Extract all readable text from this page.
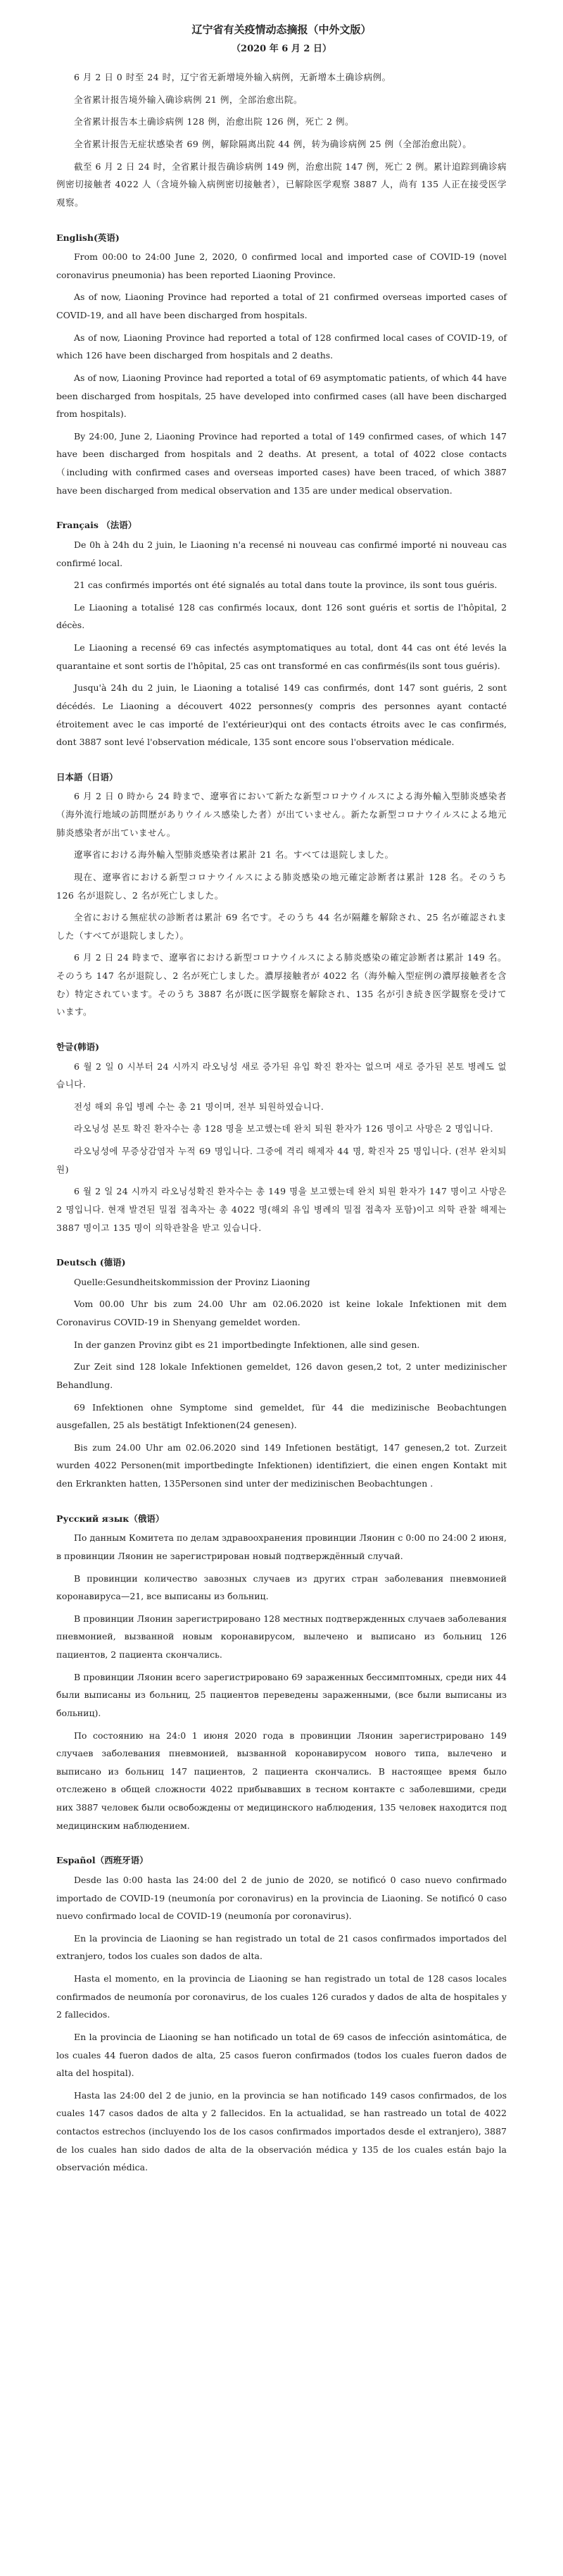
辽宁省有关疫情动态摘报（中外文版）
（2020 年 6 月 2 日）

6 月 2 日 0 时至 24 时，辽宁省无新增境外输入病例，无新增本土确诊病例。

全省累计报告境外输入确诊病例 21 例，全部治愈出院。

全省累计报告本土确诊病例 128 例，治愈出院 126 例，死亡 2 例。

全省累计报告无症状感染者 69 例，解除隔离出院 44 例，转为确诊病例 25 例（全部治愈出院）。

截至 6 月 2 日 24 时，全省累计报告确诊病例 149 例，治愈出院 147 例，死亡 2 例。累计追踪到确诊病例密切接触者 4022 人（含境外输入病例密切接触者），已解除医学观察 3887 人，尚有 135 人正在接受医学观察。

English(英语)

From 00:00 to 24:00 June 2, 2020, 0 confirmed local and imported case of COVID-19 (novel coronavirus pneumonia) has been reported Liaoning Province.

As of now, Liaoning Province had reported a total of 21 confirmed overseas imported cases of COVID-19, and all have been discharged from hospitals.

As of now, Liaoning Province had reported a total of 128 confirmed local cases of COVID-19, of which 126 have been discharged from hospitals and 2 deaths.

As of now, Liaoning Province had reported a total of 69 asymptomatic patients, of which 44 have been discharged from hospitals, 25 have developed into confirmed cases (all have been discharged from hospitals).

By 24:00, June 2, Liaoning Province had reported a total of 149 confirmed cases, of which 147 have been discharged from hospitals and 2 deaths. At present, a total of 4022 close contacts（including with confirmed cases and overseas imported cases) have been traced, of which 3887 have been discharged from medical observation and 135 are under medical observation.

Français （法语）

De 0h à 24h du 2 juin, le Liaoning n'a recensé ni nouveau cas confirmé importé ni nouveau cas confirmé local.

21 cas confirmés importés ont été signalés au total dans toute la province, ils sont tous guéris.

Le Liaoning a totalisé 128 cas confirmés locaux, dont 126 sont guéris et sortis de l'hôpital, 2 décès.

Le Liaoning a recensé 69 cas infectés asymptomatiques au total, dont 44 cas ont été levés la quarantaine et sont sortis de l'hôpital, 25 cas ont transformé en cas confirmés(ils sont tous guéris).

Jusqu'à 24h du 2 juin, le Liaoning a totalisé 149 cas confirmés, dont 147 sont guéris, 2 sont décédés. Le Liaoning a découvert 4022 personnes(y compris des personnes ayant contacté étroitement avec le cas importé de l'extérieur)qui ont des contacts étroits avec le cas confirmés, dont 3887 sont levé l'observation médicale, 135 sont encore sous l'observation médicale.

日本語（日语）

6 月 2 日 0 時から 24 時まで、遼寧省において新たな新型コロナウイルスによる海外輸入型肺炎感染者（海外流行地域の訪問歴がありウイルス感染した者）が出ていません。新たな新型コロナウイルスによる地元肺炎感染者が出ていません。

遼寧省における海外輸入型肺炎感染者は累計 21 名。すべては退院しました。

現在、遼寧省における新型コロナウイルスによる肺炎感染の地元確定診断者は累計 128 名。そのうち 126 名が退院し、2 名が死亡しました。

全省における無症状の診断者は累計 69 名です。そのうち 44 名が隔離を解除され、25 名が確認されました（すべてが退院しました）。

6 月 2 日 24 時まで、遼寧省における新型コロナウイルスによる肺炎感染の確定診断者は累計 149 名。そのうち 147 名が退院し、2 名が死亡しました。濃厚接触者が 4022 名（海外輸入型症例の濃厚接触者を含む）特定されています。そのうち 3887 名が既に医学観察を解除され、135 名が引き続き医学観察を受けています。

한글(韩语)

6 월 2 일 0 시부터 24 시까지 라오닝성 새로 증가된 유입 확진 환자는 없으며 새로 증가된 본토 병례도 없습니다.

전성 해외 유입 병례 수는 총 21 명이며, 전부 퇴원하였습니다.

라오닝성 본토 확진 환자수는 총 128 명을 보고했는데 완치 퇴원 환자가 126 명이고 사망은 2 명입니다.

라오닝성에 무증상감염자 누적 69 명입니다. 그중에 격리 해제자 44 명, 확진자 25 명입니다. (전부 완치퇴원)

6 월 2 일 24 시까지 라오닝성확진 환자수는 총 149 명을 보고했는데 완치 퇴원 환자가 147 명이고 사망은 2 명입니다. 현재 발견된 밀접 접촉자는 총 4022 명(해외 유입 병례의 밀접 접촉자 포함)이고 의학 관찰 해제는 3887 명이고 135 명이 의학관찰을 받고 있습니다.

Deutsch (德语)

Quelle:Gesundheitskommission der Provinz Liaoning

Vom 00.00 Uhr bis zum 24.00 Uhr am 02.06.2020 ist keine lokale Infektionen mit dem Coronavirus COVID-19 in Shenyang gemeldet worden.

In der ganzen Provinz gibt es 21 importbedingte Infektionen, alle sind gesen.

Zur Zeit sind 128 lokale Infektionen gemeldet, 126 davon gesen,2 tot, 2 unter medizinischer Behandlung.

69 Infektionen ohne Symptome sind gemeldet, für 44 die medizinische Beobachtungen ausgefallen, 25 als bestätigt Infektionen(24 genesen).

Bis zum 24.00 Uhr am 02.06.2020 sind 149 Infetionen bestätigt, 147 genesen,2 tot. Zurzeit wurden 4022 Personen(mit importbedingte Infektionen) identifiziert, die einen engen Kontakt mit den Erkrankten hatten, 135Personen sind unter der medizinischen Beobachtungen .

Русский язык（俄语）

По данным Комитета по делам здравоохранения провинции Ляонин с 0:00 по 24:00 2 июня, в провинции Ляонин не зарегистрирован новый подтверждённый случай.

В провинции количество завозных случаев из других стран заболевания пневмонией коронавируса—21, все выписаны из больниц.

В провинции Ляонин зарегистрировано 128 местных подтвержденных случаев заболевания пневмонией, вызванной новым коронавирусом, вылечено и выписано из больниц 126 пациентов, 2 пациента скончались.

В провинции Ляонин всего зарегистрировано 69 зараженных бессимптомных, среди них 44 были выписаны из больниц, 25 пациентов переведены зараженными, (все были выписаны из больниц).

По состоянию на 24:0 1 июня 2020 года в провинции Ляонин зарегистрировано 149 случаев заболевания пневмонией, вызванной коронавирусом нового типа, вылечено и выписано из больниц 147 пациентов, 2 пациента скончались. В настоящее время было отслежено в общей сложности 4022 прибывавших в тесном контакте с заболевшими, среди них 3887 человек были освобождены от медицинского наблюдения, 135 человек находится под медицинским наблюдением.

Español（西班牙语）

Desde las 0:00 hasta las 24:00 del 2 de junio de 2020, se notificó 0 caso nuevo confirmado importado de COVID-19 (neumonía por coronavirus) en la provincia de Liaoning. Se notificó 0 caso nuevo confirmado local de COVID-19 (neumonía por coronavirus).

En la provincia de Liaoning se han registrado un total de 21 casos confirmados importados del extranjero, todos los cuales son dados de alta.

Hasta el momento, en la provincia de Liaoning se han registrado un total de 128 casos locales confirmados de neumonía por coronavirus, de los cuales 126 curados y dados de alta de hospitales y 2 fallecidos.

En la provincia de Liaoning se han notificado un total de 69 casos de infección asintomática, de los cuales 44 fueron dados de alta, 25 casos fueron confirmados (todos los cuales fueron dados de alta del hospital).

Hasta las 24:00 del 2 de junio, en la provincia se han notificado 149 casos confirmados, de los cuales 147 casos dados de alta y 2 fallecidos. En la actualidad, se han rastreado un total de 4022 contactos estrechos (incluyendo los de los casos confirmados importados desde el extranjero), 3887 de los cuales han sido dados de alta de la observación médica y 135 de los cuales están bajo la observación médica.
